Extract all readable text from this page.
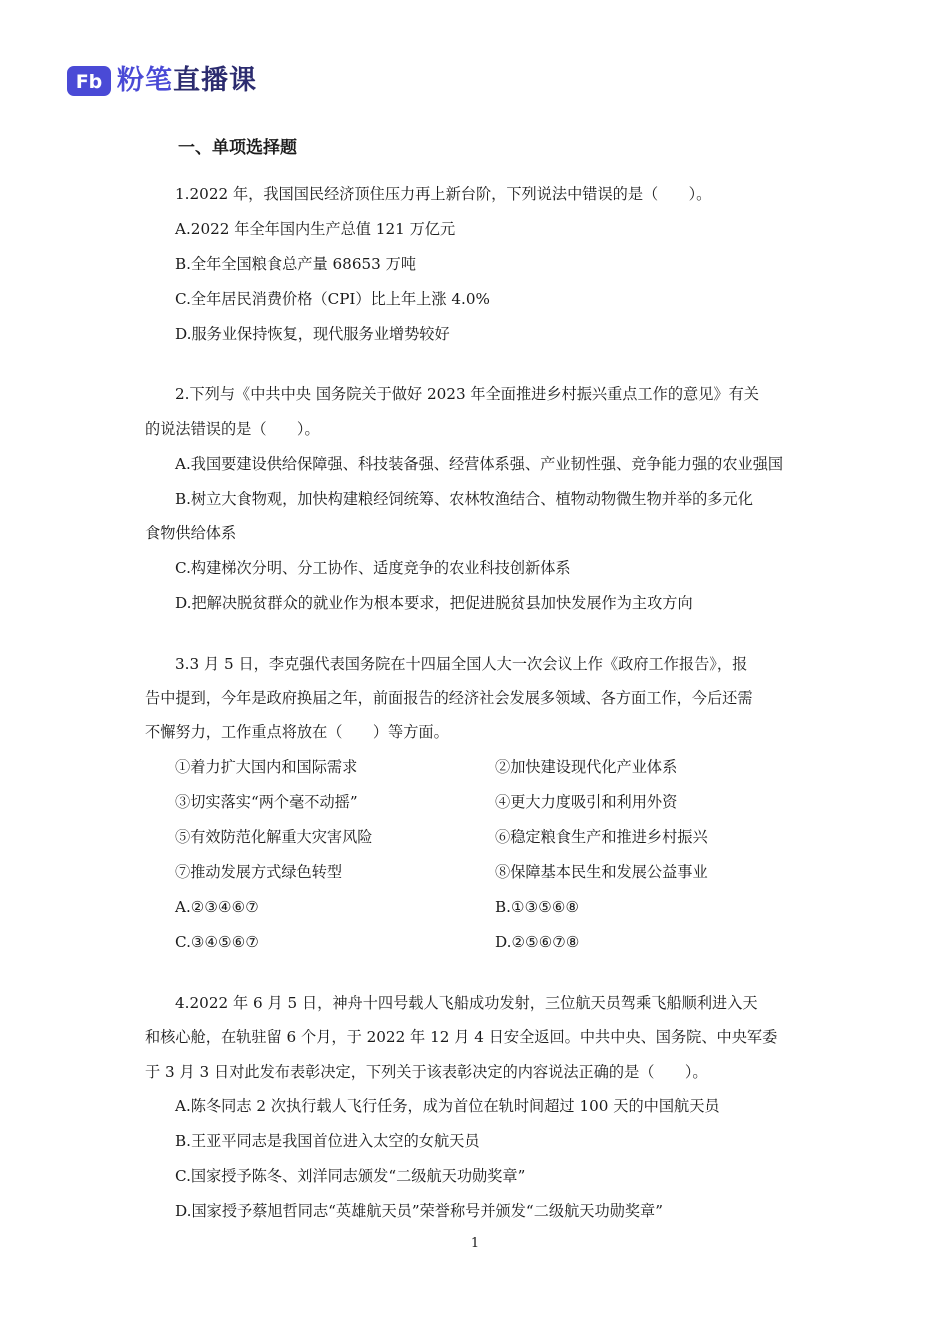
Fb 粉笔直播课
一、单项选择题
1.2022 年，我国国民经济顶住压力再上新台阶，下列说法中错误的是（　　）。
A.2022 年全年国内生产总值 121 万亿元
B.全年全国粮食总产量 68653 万吨
C.全年居民消费价格（CPI）比上年上涨 4.0%
D.服务业保持恢复，现代服务业增势较好
2.下列与《中共中央 国务院关于做好 2023 年全面推进乡村振兴重点工作的意见》有关
的说法错误的是（　　）。
A.我国要建设供给保障强、科技装备强、经营体系强、产业韧性强、竞争能力强的农业强国
B.树立大食物观，加快构建粮经饲统筹、农林牧渔结合、植物动物微生物并举的多元化
食物供给体系
C.构建梯次分明、分工协作、适度竞争的农业科技创新体系
D.把解决脱贫群众的就业作为根本要求，把促进脱贫县加快发展作为主攻方向
3.3 月 5 日，李克强代表国务院在十四届全国人大一次会议上作《政府工作报告》，报
告中提到，今年是政府换届之年，前面报告的经济社会发展多领域、各方面工作，今后还需
不懈努力，工作重点将放在（　　）等方面。
①着力扩大国内和国际需求	②加快建设现代化产业体系
③切实落实“两个毫不动摇”	④更大力度吸引和利用外资
⑤有效防范化解重大灾害风险	⑥稳定粮食生产和推进乡村振兴
⑦推动发展方式绿色转型	⑧保障基本民生和发展公益事业
A.②③④⑥⑦	B.①③⑤⑥⑧
C.③④⑤⑥⑦	D.②⑤⑥⑦⑧
4.2022 年 6 月 5 日，神舟十四号载人飞船成功发射，三位航天员驾乘飞船顺利进入天
和核心舱，在轨驻留 6 个月，于 2022 年 12 月 4 日安全返回。中共中央、国务院、中央军委
于 3 月 3 日对此发布表彰决定，下列关于该表彰决定的内容说法正确的是（　　）。
A.陈冬同志 2 次执行载人飞行任务，成为首位在轨时间超过 100 天的中国航天员
B.王亚平同志是我国首位进入太空的女航天员
C.国家授予陈冬、刘洋同志颁发“二级航天功勋奖章”
D.国家授予蔡旭哲同志“英雄航天员”荣誉称号并颁发“二级航天功勋奖章”
1
